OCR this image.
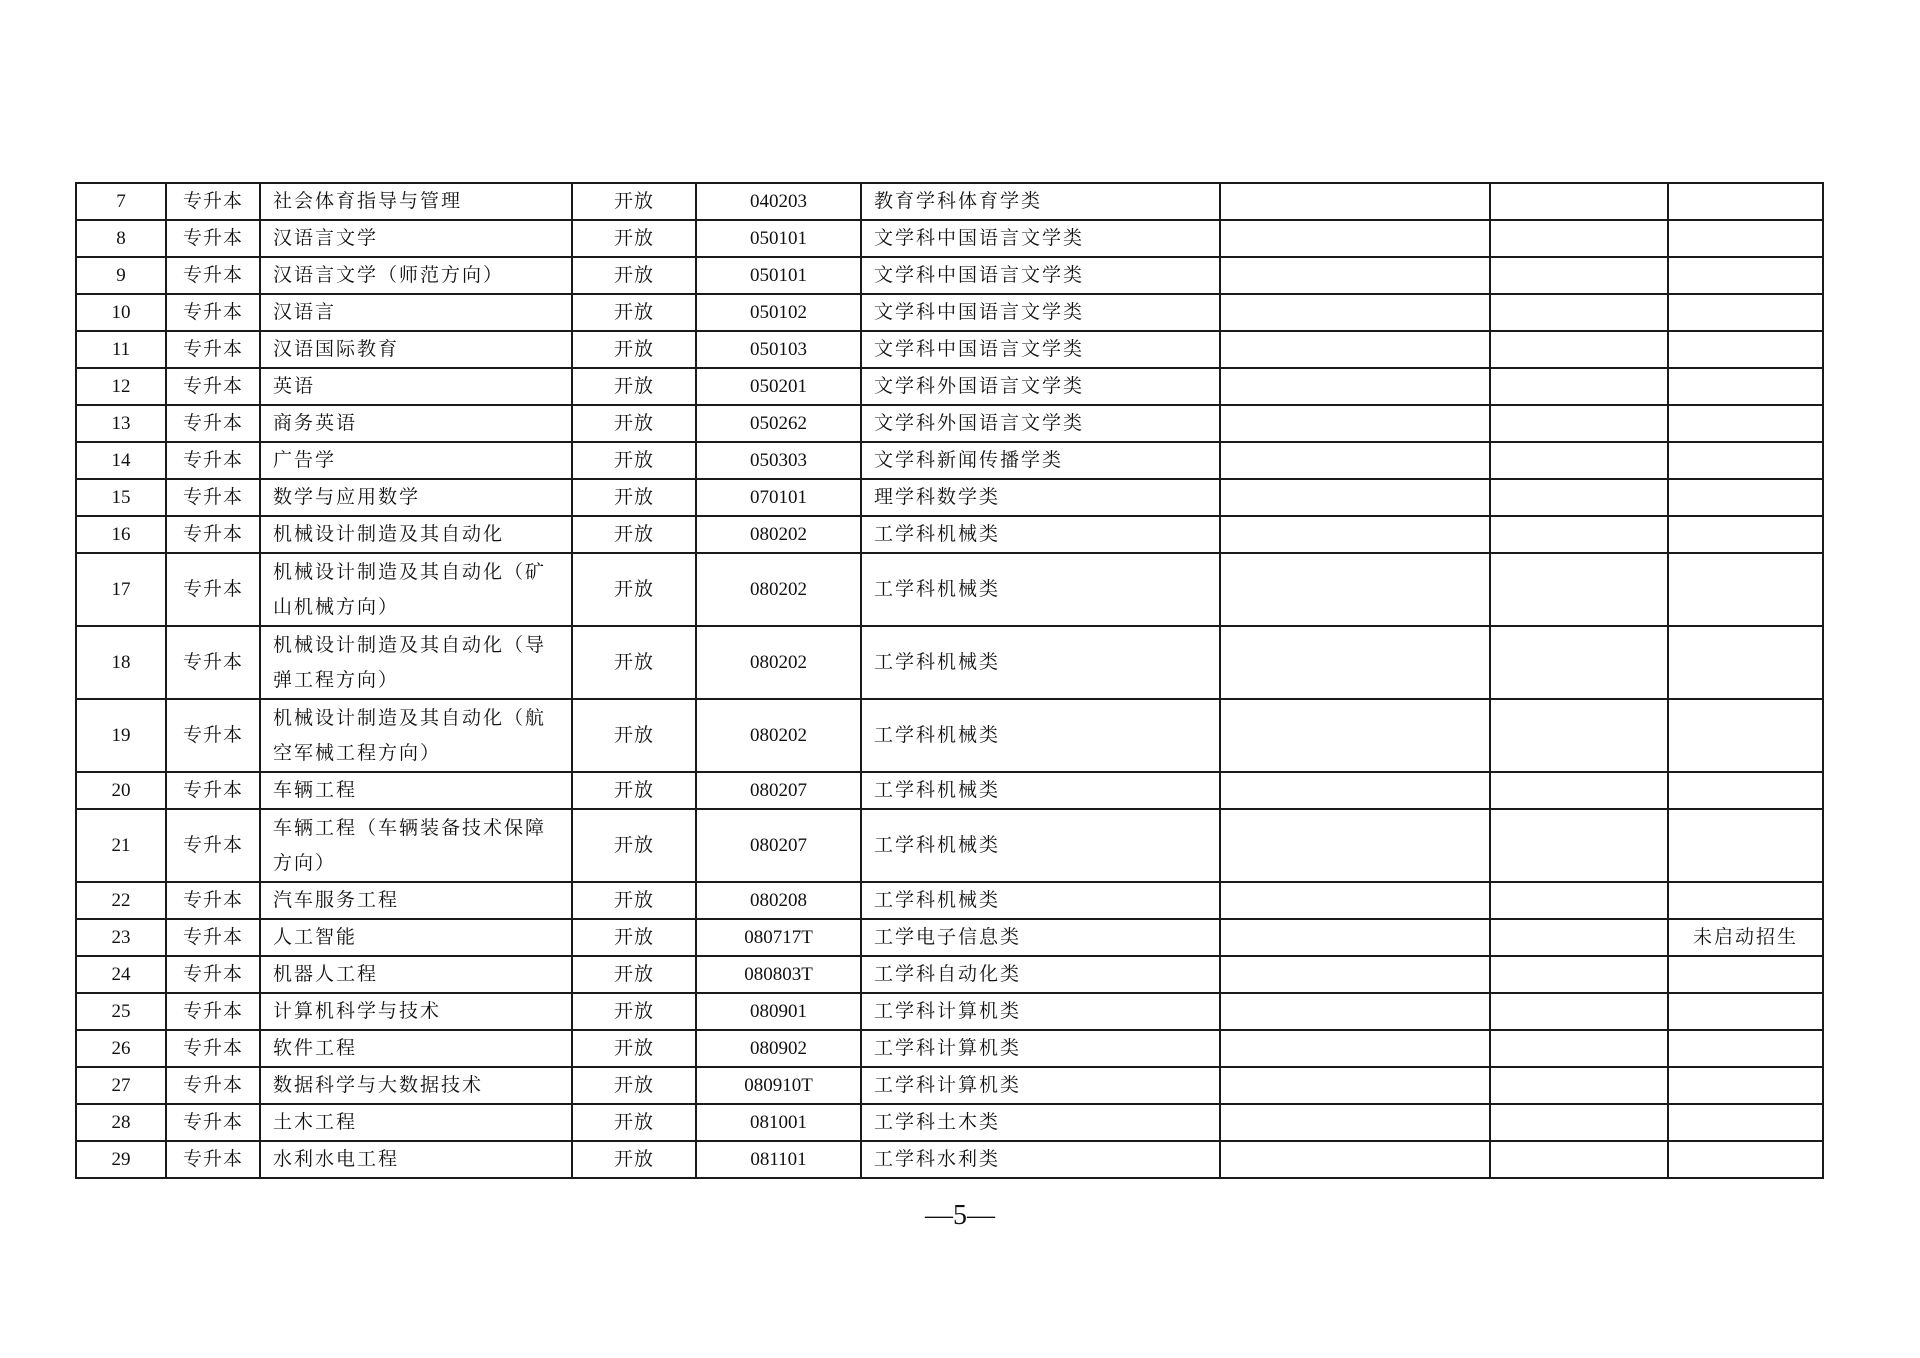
7	专升本	社会体育指导与管理	开放	040203	教育学科体育学类			
8	专升本	汉语言文学	开放	050101	文学科中国语言文学类			
9	专升本	汉语言文学（师范方向）	开放	050101	文学科中国语言文学类			
10	专升本	汉语言	开放	050102	文学科中国语言文学类			
11	专升本	汉语国际教育	开放	050103	文学科中国语言文学类			
12	专升本	英语	开放	050201	文学科外国语言文学类			
13	专升本	商务英语	开放	050262	文学科外国语言文学类			
14	专升本	广告学	开放	050303	文学科新闻传播学类			
15	专升本	数学与应用数学	开放	070101	理学科数学类			
16	专升本	机械设计制造及其自动化	开放	080202	工学科机械类			
17	专升本	机械设计制造及其自动化（矿山机械方向）	开放	080202	工学科机械类			
18	专升本	机械设计制造及其自动化（导弹工程方向）	开放	080202	工学科机械类			
19	专升本	机械设计制造及其自动化（航空军械工程方向）	开放	080202	工学科机械类			
20	专升本	车辆工程	开放	080207	工学科机械类			
21	专升本	车辆工程（车辆装备技术保障方向）	开放	080207	工学科机械类			
22	专升本	汽车服务工程	开放	080208	工学科机械类			
23	专升本	人工智能	开放	080717T	工学电子信息类			未启动招生
24	专升本	机器人工程	开放	080803T	工学科自动化类			
25	专升本	计算机科学与技术	开放	080901	工学科计算机类			
26	专升本	软件工程	开放	080902	工学科计算机类			
27	专升本	数据科学与大数据技术	开放	080910T	工学科计算机类			
28	专升本	土木工程	开放	081001	工学科土木类			
29	专升本	水利水电工程	开放	081101	工学科水利类			
—5—
